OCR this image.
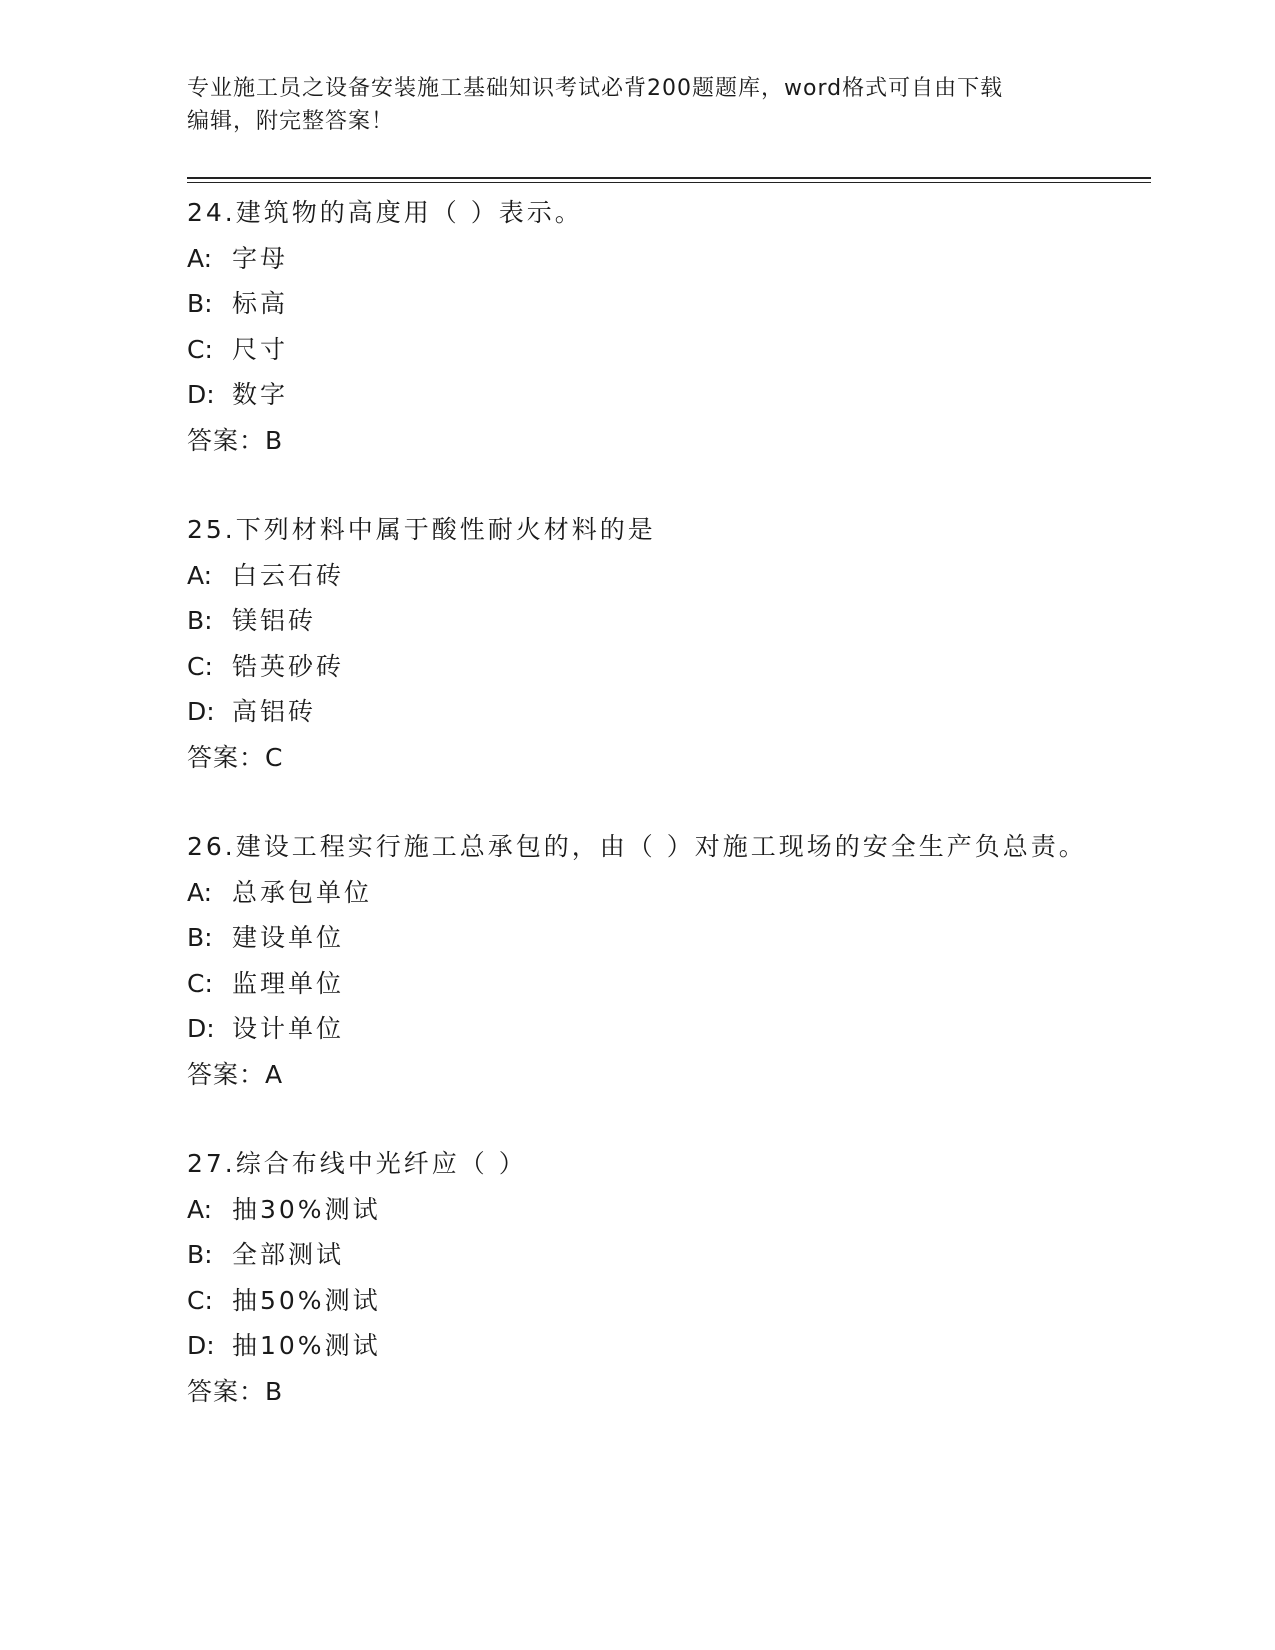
专业施工员之设备安装施工基础知识考试必背200题题库，word格式可自由下载
编辑，附完整答案！
24.建筑物的高度用（ ）表示。
A: 字母
B: 标高
C: 尺寸
D: 数字
答案：B
25.下列材料中属于酸性耐火材料的是
A: 白云石砖
B: 镁铝砖
C: 锆英砂砖
D: 高铝砖
答案：C
26.建设工程实行施工总承包的，由（ ）对施工现场的安全生产负总责。
A: 总承包单位
B: 建设单位
C: 监理单位
D: 设计单位
答案：A
27.综合布线中光纤应（ ）
A: 抽30%测试
B: 全部测试
C: 抽50%测试
D: 抽10%测试
答案：B
